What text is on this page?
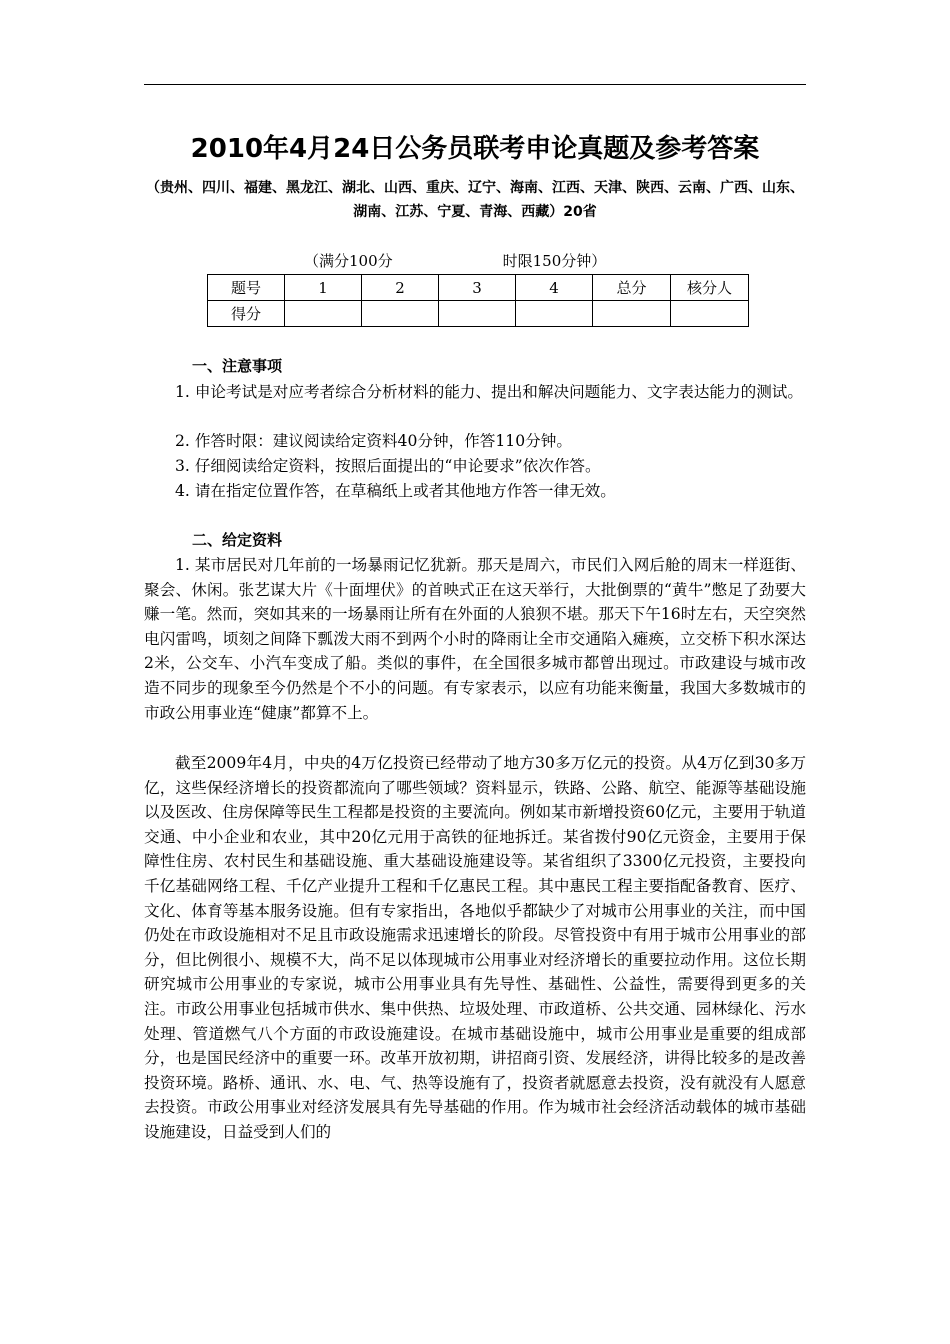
2010年4月24日公务员联考申论真题及参考答案
（贵州、四川、福建、黑龙江、湖北、山西、重庆、辽宁、海南、江西、天津、陕西、云南、广西、山东、湖南、江苏、宁夏、青海、西藏）20省
（满分100分	时限150分钟）
题号	1	2	3	4	总分	核分人
得分						
一、注意事项

1. 申论考试是对应考者综合分析材料的能力、提出和解决问题能力、文字表达能力的测试。

2. 作答时限：建议阅读给定资料40分钟，作答110分钟。

3. 仔细阅读给定资料，按照后面提出的“申论要求”依次作答。

4. 请在指定位置作答，在草稿纸上或者其他地方作答一律无效。

二、给定资料

1. 某市居民对几年前的一场暴雨记忆犹新。那天是周六，市民们入网后舱的周末一样逛街、聚会、休闲。张艺谋大片《十面埋伏》的首映式正在这天举行，大批倒票的“黄牛”憋足了劲要大赚一笔。然而，突如其来的一场暴雨让所有在外面的人狼狈不堪。那天下午16时左右，天空突然电闪雷鸣，顷刻之间降下瓢泼大雨不到两个小时的降雨让全市交通陷入瘫痪，立交桥下积水深达2米，公交车、小汽车变成了船。类似的事件，在全国很多城市都曾出现过。市政建设与城市改造不同步的现象至今仍然是个不小的问题。有专家表示，以应有功能来衡量，我国大多数城市的市政公用事业连“健康”都算不上。

截至2009年4月，中央的4万亿投资已经带动了地方30多万亿元的投资。从4万亿到30多万亿，这些保经济增长的投资都流向了哪些领域？资料显示，铁路、公路、航空、能源等基础设施以及医改、住房保障等民生工程都是投资的主要流向。例如某市新增投资60亿元，主要用于轨道交通、中小企业和农业，其中20亿元用于高铁的征地拆迁。某省拨付90亿元资金，主要用于保障性住房、农村民生和基础设施、重大基础设施建设等。某省组织了3300亿元投资，主要投向千亿基础网络工程、千亿产业提升工程和千亿惠民工程。其中惠民工程主要指配备教育、医疗、文化、体育等基本服务设施。但有专家指出，各地似乎都缺少了对城市公用事业的关注，而中国仍处在市政设施相对不足且市政设施需求迅速增长的阶段。尽管投资中有用于城市公用事业的部分，但比例很小、规模不大，尚不足以体现城市公用事业对经济增长的重要拉动作用。这位长期研究城市公用事业的专家说，城市公用事业具有先导性、基础性、公益性，需要得到更多的关注。市政公用事业包括城市供水、集中供热、垃圾处理、市政道桥、公共交通、园林绿化、污水处理、管道燃气八个方面的市政设施建设。在城市基础设施中，城市公用事业是重要的组成部分，也是国民经济中的重要一环。改革开放初期，讲招商引资、发展经济，讲得比较多的是改善投资环境。路桥、通讯、水、电、气、热等设施有了，投资者就愿意去投资，没有就没有人愿意去投资。市政公用事业对经济发展具有先导基础的作用。作为城市社会经济活动载体的城市基础设施建设，日益受到人们的
